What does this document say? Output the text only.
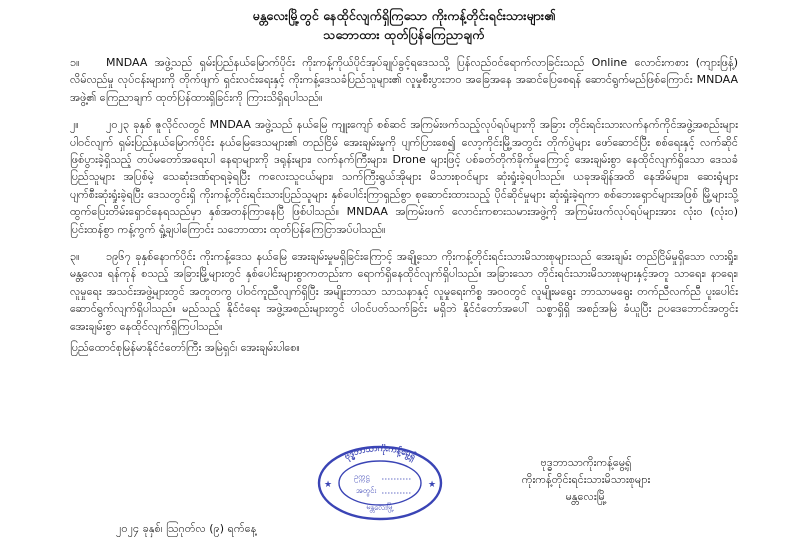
မန္တလေးမြို့တွင် နေထိုင်လျက်ရှိကြသော ကိုးကန့်တိုင်းရင်းသားများ၏
သဘောထား ထုတ်ပြန်ကြေညာချက်

၁။ MNDAA အဖွဲ့သည် ရှမ်းပြည်နယ်မြောက်ပိုင်း ကိုးကန့်ကိုယ်ပိုင်အုပ်ချုပ်ခွင့်ရဒေသသို့ ပြန်လည်ဝင်ရောက်လာခြင်းသည် Online လောင်းကစား (ကျားဖြန့်) လိမ်လည်မှု လုပ်ငန်းများကို တိုက်ဖျက် ရှင်းလင်းရေးနှင့် ကိုးကန့်ဒေသခံပြည်သူများ၏ လူမှုစီးပွားဘဝ အခြေအနေ အဆင်ပြေစေရန် ဆောင်ရွက်မည်ဖြစ်ကြောင်း MNDAA အဖွဲ့၏ ကြေညာချက် ထုတ်ပြန်ထားရှိခြင်းကို ကြားသိရှိရပါသည်။

၂။ ၂၀၂၃ ခုနှစ် ဇူလိုင်လတွင် MNDAA အဖွဲ့သည် နယ်မြေ ကျူးကျော် စစ်ဆင် အကြမ်းဖက်သည့်လုပ်ရပ်များကို အခြား တိုင်းရင်းသားလက်နက်ကိုင်အဖွဲ့အစည်းများပါဝင်လျက် ရှမ်းပြည်နယ်မြောက်ပိုင်း နယ်မြေဒေသများ၏ တည်ငြိမ် အေးချမ်းမှုကို ပျက်ပြားစေ၍ လော့ကိုင်းမြို့အတွင်း တိုက်ပွဲများ ဖော်ဆောင်ပြီး စစ်ရေးနှင့် လက်ဆိုင်ဖြစ်ပွားခဲ့ရှိသည့် တပ်မတော်အရေးပါ နေရာများကို ဒရုန်းများ၊ လက်နက်ကြီးများ၊ Drone များဖြင့် ပစ်ခတ်တိုက်ခိုက်မှုကြောင့် အေးချမ်းစွာ နေထိုင်လျက်ရှိသော ဒေသခံပြည်သူများ အပြစ်မဲ့ သေဆုံးဒဏ်ရာရခဲ့ရပြီး ကလေးသူငယ်များ၊ သက်ကြီးရွယ်အိုများ မိသားစုဝင်များ ဆုံးရှုံးခဲ့ရပါသည်။ ယခုအချိန်အထိ နေအိမ်များ၊ ဆေးရုံများ ပျက်စီးဆုံးရှုံးခဲ့ရပြီး ဒေသတွင်းရှိ ကိုးကန့်တိုင်းရင်းသားပြည်သူများ နှစ်ပေါင်းကြာရှည်စွာ စုဆောင်းထားသည့် ပိုင်ဆိုင်မှုများ ဆုံးရှုံးခဲ့ရကာ စစ်ဘေးရှောင်များအဖြစ် မြို့များသို့ ထွက်ပြေးတိမ်းရှောင်နေရသည်မှာ နှစ်အတန်ကြာနေပြီ ဖြစ်ပါသည်။ MNDAA အကြမ်းဖက် လောင်းကစားသမားအဖွဲ့ကို အကြမ်းဖက်လုပ်ရပ်များအား လုံး၀ (လုံး၀) ပြင်းထန်စွာ ကန့်ကွက် ရှုံ့ချပါကြောင်း သဘောထား ထုတ်ပြန်ကြေငြာအပ်ပါသည်။

၃။ ၁၉၆၇ ခုနှစ်နောက်ပိုင်း ကိုးကန့်ဒေသ နယ်မြေ အေးချမ်းမှုမရှိခြင်းကြောင့် အချို့သော ကိုးကန့်တိုင်းရင်းသားမိသားစုများသည် အေးချမ်း တည်ငြိမ်မှုရှိသော လားရှိုး၊ မန္တလေး၊ ရန်ကုန် စသည့် အခြားမြို့များတွင် နှစ်ပေါင်းများစွာကတည်းက ရောက်ရှိနေထိုင်လျက်ရှိပါသည်။ အခြားသော တိုင်းရင်းသားမိသားစုများနှင့်အတူ သာရေး၊ နာရေး၊ လူမှုရေး အသင်းအဖွဲ့များတွင် အတူတကွ ပါဝင်ကူညီလျက်ရှိပြီး အမျိုးဘာသာ သာသနာနှင့် လူမှုရေးကိစ္စ အ၀၀တွင် လူမျိုးမရွေး ဘာသာမရွေး တက်ညီလက်ညီ ပူးပေါင်းဆောင်ရွက်လျက်ရှိပါသည်။ မည်သည့် နိုင်ငံရေး အဖွဲ့အစည်းများတွင် ပါဝင်ပတ်သက်ခြင်း မရှိဘဲ နိုင်ငံတော်အပေါ် သစ္စာရှိရှိ အစဉ်အမြဲ ခံယူပြီး ဥပဒေဘောင်အတွင်း အေးချမ်းစွာ နေထိုင်လျက်ရှိကြပါသည်။

ပြည်ထောင်စုမြန်မာနိုင်ငံတော်ကြီး အမြဲရှင်၊ အေးချမ်းပါစေ။
ဗုဒ္ဓဘာသာကိုးကန့်မွေ့ရှ်
မန္တလေးမြို့
★	★
ဥက္ကဋ္ဌ
အတွင်း
ဗုဒ္ဓဘာသာကိုးကန့်မွေ့ရှ်
ကိုးကန့်တိုင်းရင်းသားမိသားစုများ
မန္တလေးမြို့
၂၀၂၄ ခုနှစ်၊ ဩဂုတ်လ (၉) ရက်နေ့
